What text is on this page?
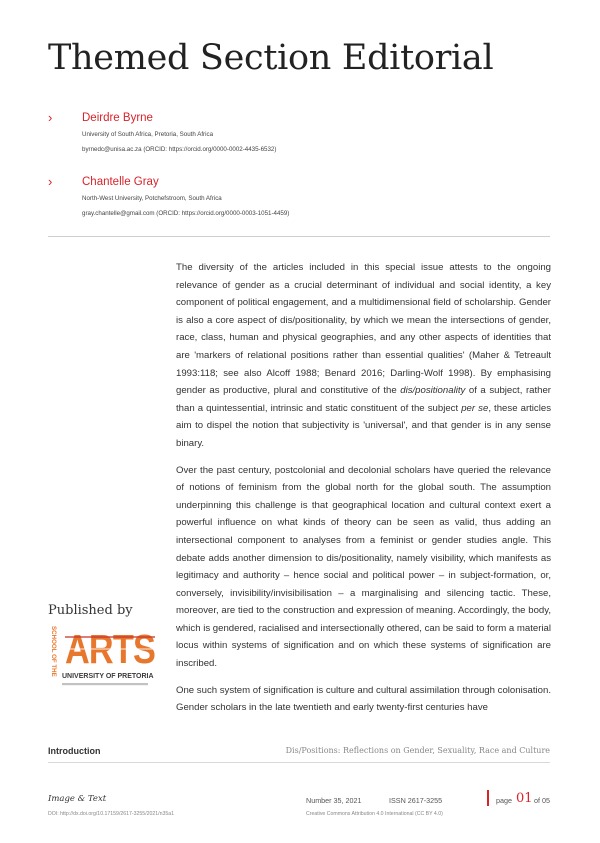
Themed Section Editorial
›	Deirdre Byrne
University of South Africa, Pretoria, South Africa
byrnedc@unisa.ac.za (ORCID: https://orcid.org/0000-0002-4435-6532)
›	Chantelle Gray
North-West University, Potchefstroom, South Africa
gray.chantelle@gmail.com (ORCID: https://orcid.org/0000-0003-1051-4459)

The diversity of the articles included in this special issue attests to the ongoing relevance of gender as a crucial determinant of individual and social identity, a key component of political engagement, and a multidimensional field of scholarship. Gender is also a core aspect of dis/positionality, by which we mean the intersections of gender, race, class, human and physical geographies, and any other aspects of identities that are 'markers of relational positions rather than essential qualities' (Maher & Tetreault 1993:118; see also Alcoff 1988; Benard 2016; Darling-Wolf 1998). By emphasising gender as productive, plural and constitutive of the dis/positionality of a subject, rather than a quintessential, intrinsic and static constituent of the subject per se, these articles aim to dispel the notion that subjectivity is 'universal', and that gender is in any sense binary.

Over the past century, postcolonial and decolonial scholars have queried the relevance of notions of feminism from the global north for the global south. The assumption underpinning this challenge is that geographical location and cultural context exert a powerful influence on what kinds of theory can be seen as valid, thus adding an intersectional component to analyses from a feminist or gender studies angle. This debate adds another dimension to dis/positionality, namely visibility, which manifests as legitimacy and authority – hence social and political power – in subject-formation, or, conversely, invisibility/invisibilisation – a marginalising and silencing tactic. These, moreover, are tied to the construction and expression of meaning. Accordingly, the body, which is gendered, racialised and intersectionally othered, can be said to form a material locus within systems of signification and on which these systems of signification are inscribed.

One such system of signification is culture and cultural assimilation through colonisation. Gender scholars in the late twentieth and early twenty-first centuries have

Published by
SCHOOL OF THE ARTS
UNIVERSITY OF PRETORIA
Introduction	Dis/Positions: Reflections on Gender, Sexuality, Race and Culture
Image & Text
DOI: http://dx.doi.org/10.17159/2617-3255/2021/n35a1
Number 35, 2021	ISSN 2617-3255
Creative Commons Attribution 4.0 International (CC BY 4.0)
page 01 of 05
